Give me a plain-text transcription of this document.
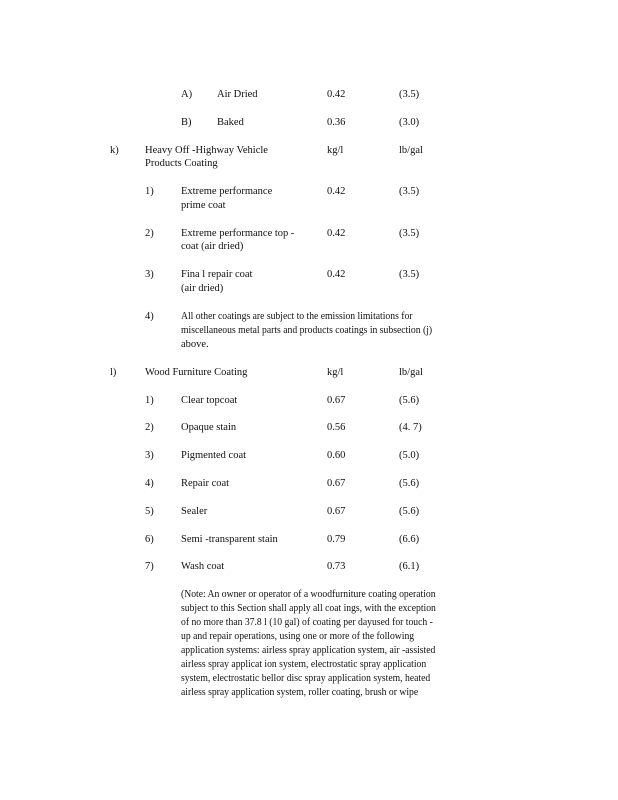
A) Air Dried	0.42	(3.5)
B) Baked	0.36	(3.0)
k)	Heavy Off -Highway Vehicle
Products Coating
kg/l	lb/gal
1)	Extreme performance
prime coat
0.42	(3.5)
2)	Extreme performance top -
coat (air dried)
0.42	(3.5)
3)	Fina l repair coat
(air dried)
0.42	(3.5)
4)	All other coatings are subject to the emission limitations for
miscellaneous metal parts and products coatings in subsection (j)
above.
l)	Wood Furniture Coating	kg/l	lb/gal
1)	Clear topcoat	0.67	(5.6)
2)	Opaque stain	0.56	(4. 7)
3)	Pigmented coat	0.60	(5.0)
4)	Repair coat	0.67	(5.6)
5)	Sealer	0.67	(5.6)
6)	Semi -transparent stain	0.79	(6.6)
7)	Wash coat	0.73	(6.1)
(Note: An owner or operator of a woodfurniture coating operation
subject to this Section shall apply all coat ings, with the exception
of no more than 37.8 l (10 gal) of coating per dayused for touch -
up and repair operations, using one or more of the following
application systems: airless spray application system, air -assisted
airless spray applicat ion system, electrostatic spray application
system, electrostatic bellor disc spray application system, heated
airless spray application system, roller coating, brush or wipe
